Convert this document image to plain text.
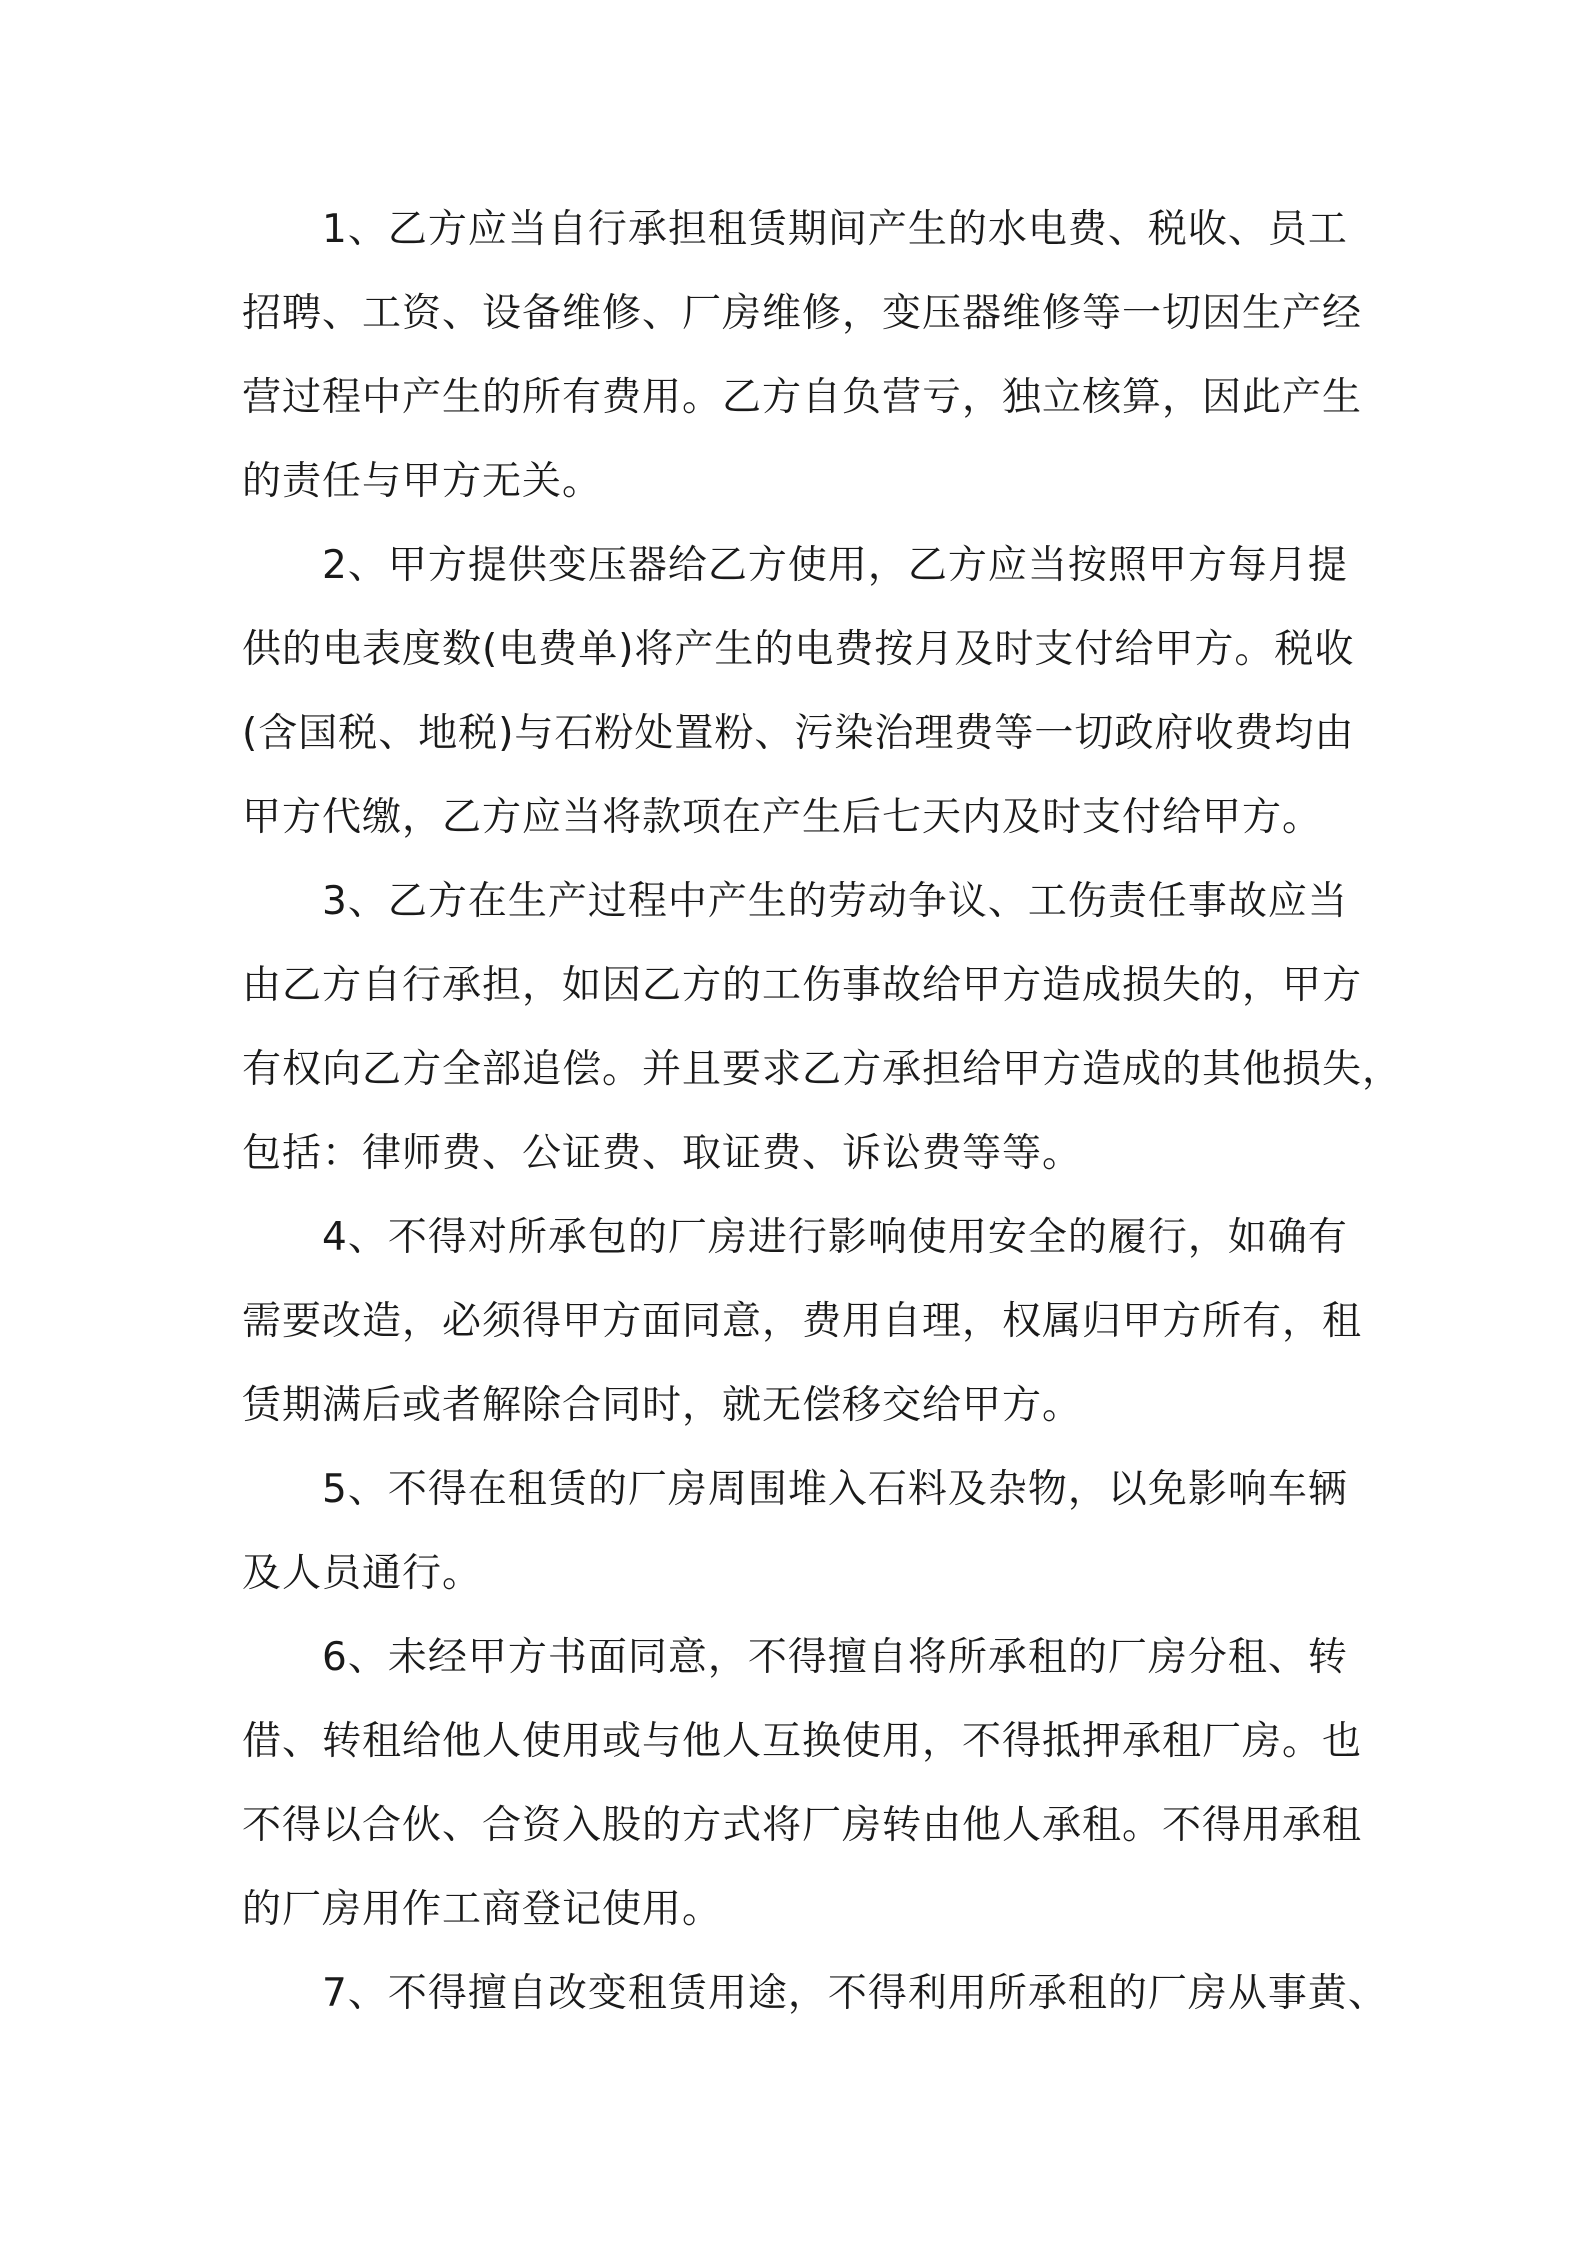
1、乙方应当自行承担租赁期间产生的水电费、税收、员工
招聘、工资、设备维修、厂房维修，变压器维修等一切因生产经
营过程中产生的所有费用。乙方自负营亏，独立核算，因此产生
的责任与甲方无关。
2、甲方提供变压器给乙方使用，乙方应当按照甲方每月提
供的电表度数(电费单)将产生的电费按月及时支付给甲方。税收
(含国税、地税)与石粉处置粉、污染治理费等一切政府收费均由
甲方代缴，乙方应当将款项在产生后七天内及时支付给甲方。
3、乙方在生产过程中产生的劳动争议、工伤责任事故应当
由乙方自行承担，如因乙方的工伤事故给甲方造成损失的，甲方
有权向乙方全部追偿。并且要求乙方承担给甲方造成的其他损失，
包括：律师费、公证费、取证费、诉讼费等等。
4、不得对所承包的厂房进行影响使用安全的履行，如确有
需要改造，必须得甲方面同意，费用自理，权属归甲方所有，租
赁期满后或者解除合同时，就无偿移交给甲方。
5、不得在租赁的厂房周围堆入石料及杂物，以免影响车辆
及人员通行。
6、未经甲方书面同意，不得擅自将所承租的厂房分租、转
借、转租给他人使用或与他人互换使用，不得抵押承租厂房。也
不得以合伙、合资入股的方式将厂房转由他人承租。不得用承租
的厂房用作工商登记使用。
7、不得擅自改变租赁用途，不得利用所承租的厂房从事黄、
